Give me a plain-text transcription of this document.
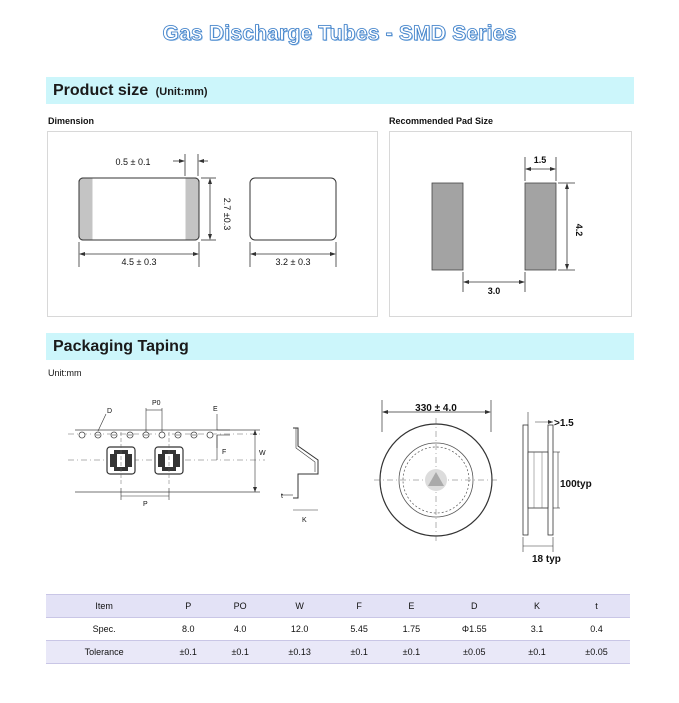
Gas Discharge Tubes - SMD Series
Product size (Unit:mm)
Dimension	Recommended Pad Size
0.5 ± 0.1
2.7 ±0.3
4.5 ± 0.3	3.2 ± 0.3
1.5
4.2
3.0
Packaging Taping
Unit:mm
D
P0
E
F	W
P
t
K
330 ± 4.0
>1.5
100typ
18 typ
Item	P	PO	W	F	E	D	K	t
Spec.	8.0	4.0	12.0	5.45	1.75	Φ1.55	3.1	0.4
Tolerance	±0.1	±0.1	±0.13	±0.1	±0.1	±0.05	±0.1	±0.05
